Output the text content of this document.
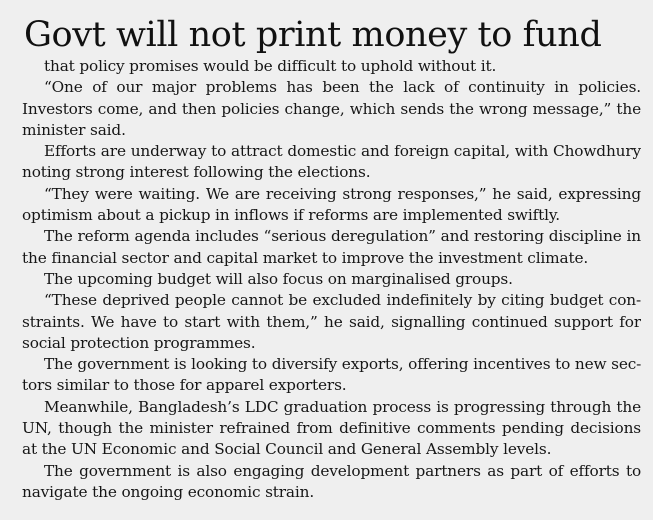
Govt will not print money to fund
that policy promises would be difficult to uphold without it.
“One of our major problems has been the lack of continuity in policies.
Investors come, and then policies change, which sends the wrong message,” the
minister said.
Efforts are underway to attract domestic and foreign capital, with Chowdhury
noting strong interest following the elections.
“They were waiting. We are receiving strong responses,” he said, expressing
optimism about a pickup in inflows if reforms are implemented swiftly.
The reform agenda includes “serious deregulation” and restoring discipline in
the financial sector and capital market to improve the investment climate.
The upcoming budget will also focus on marginalised groups.
“These deprived people cannot be excluded indefinitely by citing budget con-
straints. We have to start with them,” he said, signalling continued support for
social protection programmes.
The government is looking to diversify exports, offering incentives to new sec-
tors similar to those for apparel exporters.
Meanwhile, Bangladesh’s LDC graduation process is progressing through the
UN, though the minister refrained from definitive comments pending decisions
at the UN Economic and Social Council and General Assembly levels.
The government is also engaging development partners as part of efforts to
navigate the ongoing economic strain.
